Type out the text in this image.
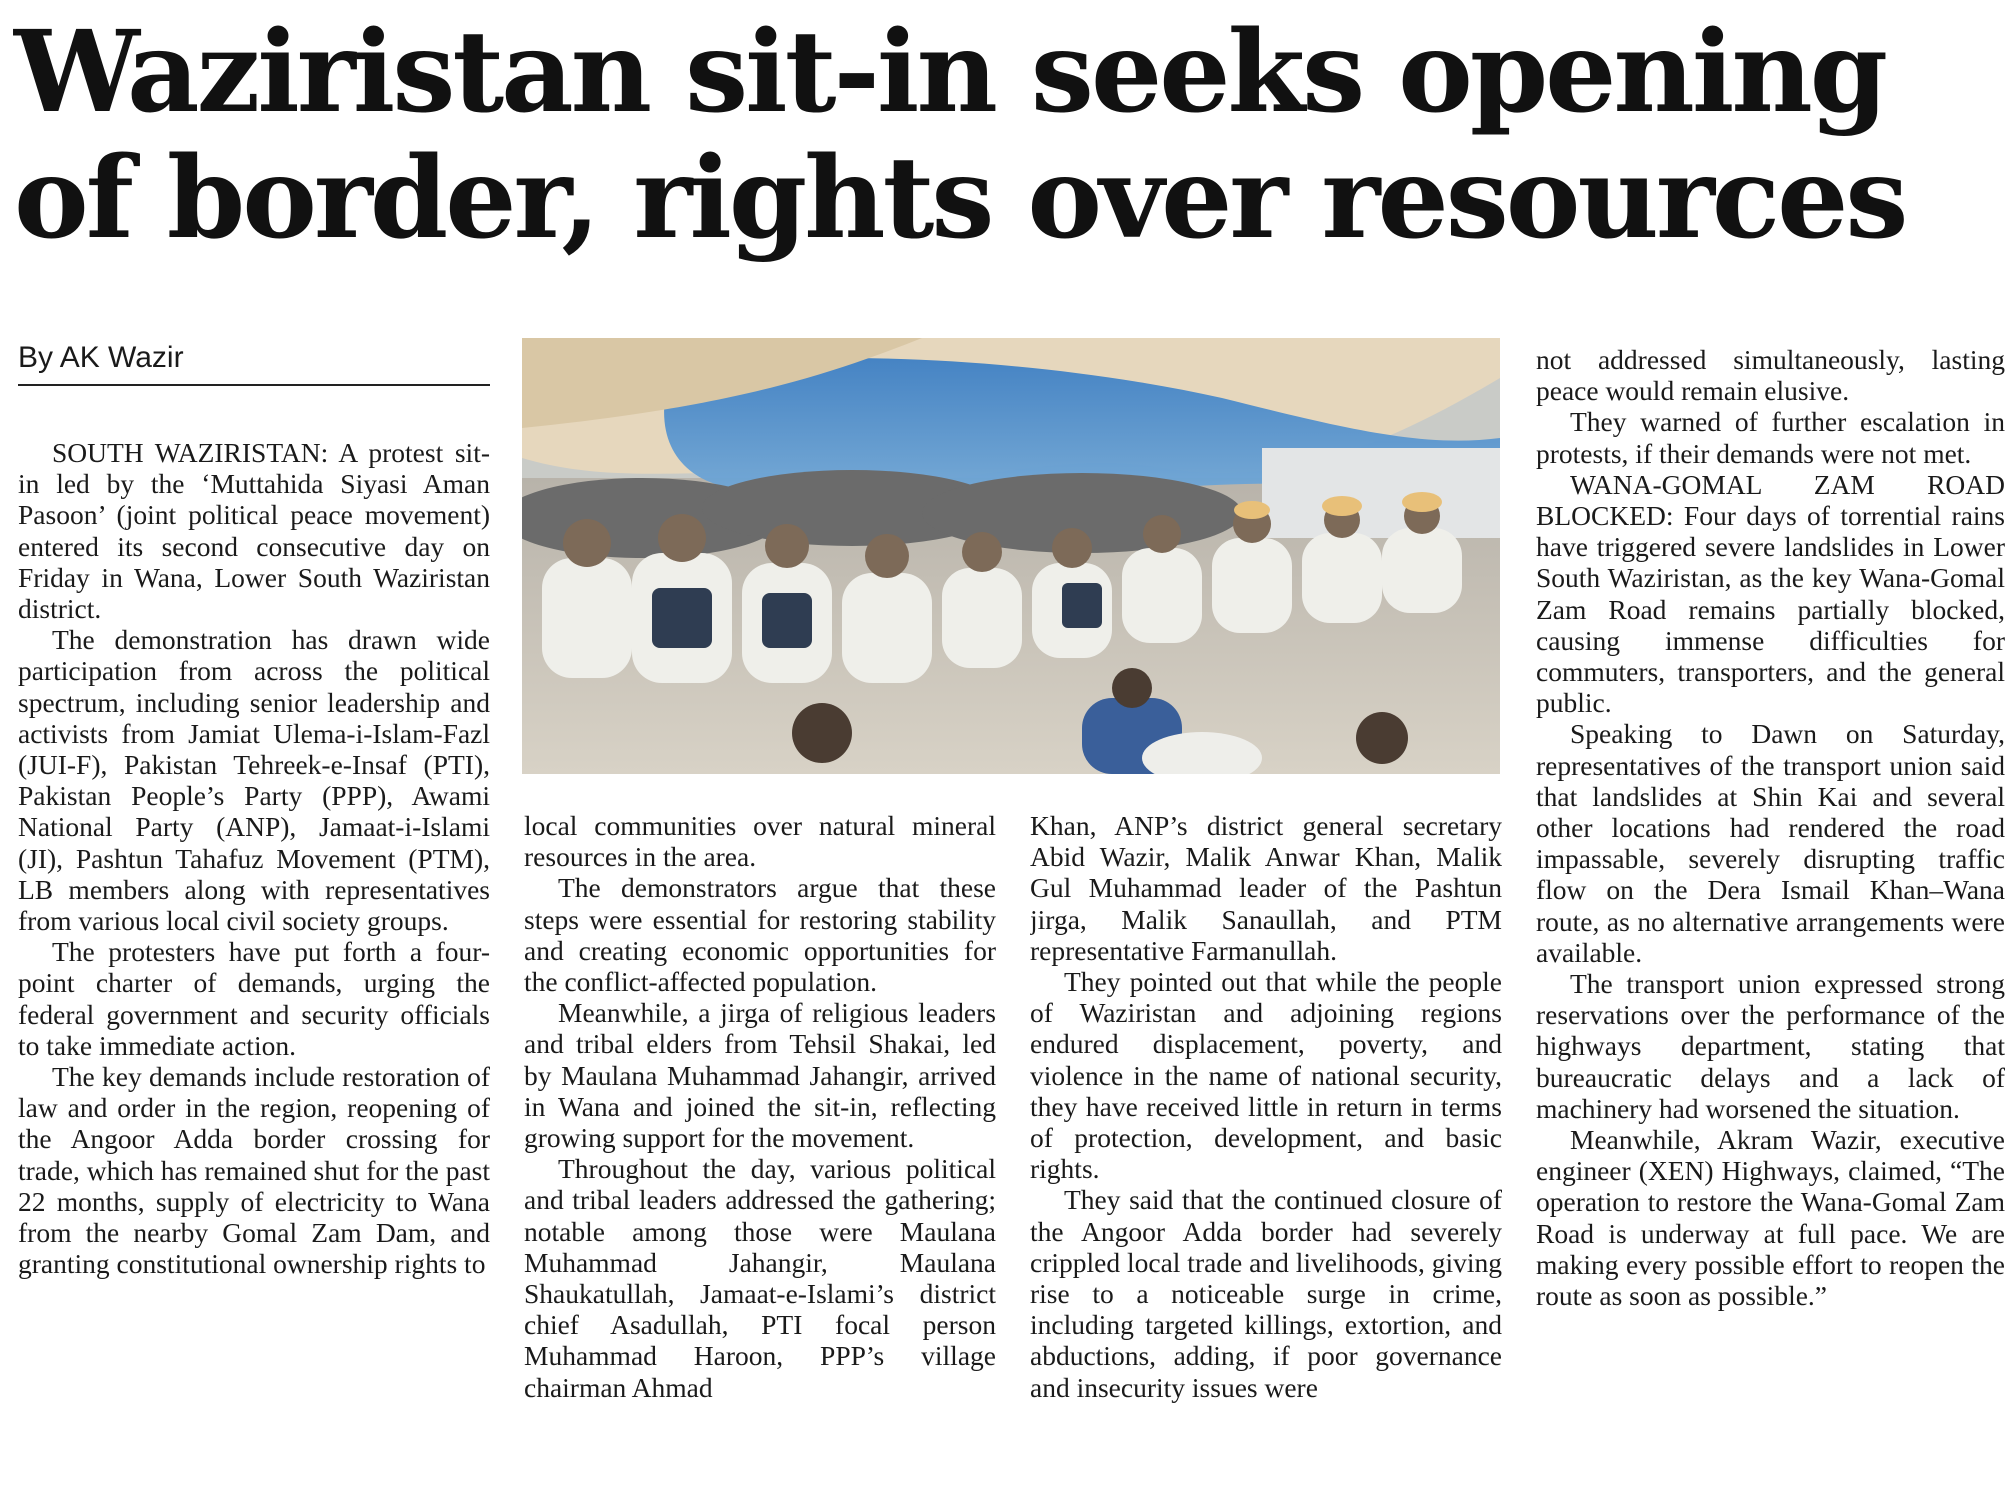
Waziristan sit-in seeks opening of border, rights over resources
By AK Wazir

SOUTH WAZIRISTAN: A protest sit-in led by the ‘Muttahida Siyasi Aman Pasoon’ (joint political peace movement) entered its second consecutive day on Friday in Wana, Lower South Waziristan district.

The demonstration has drawn wide participation from across the political spectrum, including senior leadership and activists from Jamiat Ulema-i-Islam-Fazl (JUI-F), Pakistan Tehreek-e-Insaf (PTI), Pakistan People’s Party (PPP), Awami National Party (ANP), Jamaat-i-Islami (JI), Pashtun Tahafuz Movement (PTM), LB members along with representatives from various local civil society groups.

The protesters have put forth a four-point charter of demands, urging the federal government and security officials to take immediate action.

The key demands include restoration of law and order in the region, reopening of the Angoor Adda border crossing for trade, which has remained shut for the past 22 months, supply of electricity to Wana from the nearby Gomal Zam Dam, and granting constitutional ownership rights to

local communities over natural mineral resources in the area.

The demonstrators argue that these steps were essential for restoring stability and creating economic opportunities for the conflict-affected population.

Meanwhile, a jirga of religious leaders and tribal elders from Tehsil Shakai, led by Maulana Muhammad Jahangir, arrived in Wana and joined the sit-in, reflecting growing support for the movement.

Throughout the day, various political and tribal leaders addressed the gathering; notable among those were Maulana Muhammad Jahangir, Maulana Shaukatullah, Jamaat-e-Islami’s district chief Asadullah, PTI focal person Muhammad Haroon, PPP’s village chairman Ahmad

Khan, ANP’s district general secretary Abid Wazir, Malik Anwar Khan, Malik Gul Muhammad leader of the Pashtun jirga, Malik Sanaullah, and PTM representative Farmanullah.

They pointed out that while the people of Waziristan and adjoining regions endured displacement, poverty, and violence in the name of national security, they have received little in return in terms of protection, development, and basic rights.

They said that the continued closure of the Angoor Adda border had severely crippled local trade and livelihoods, giving rise to a noticeable surge in crime, including targeted killings, extortion, and abductions, adding, if poor governance and insecurity issues were

not addressed simultaneously, lasting peace would remain elusive.

They warned of further escalation in protests, if their demands were not met.

WANA-GOMAL ZAM ROAD BLOCKED: Four days of torrential rains have triggered severe landslides in Lower South Waziristan, as the key Wana-Gomal Zam Road remains partially blocked, causing immense difficulties for commuters, transporters, and the general public.

Speaking to Dawn on Saturday, representatives of the transport union said that landslides at Shin Kai and several other locations had rendered the road impassable, severely disrupting traffic flow on the Dera Ismail Khan–Wana route, as no alternative arrangements were available.

The transport union expressed strong reservations over the performance of the highways department, stating that bureaucratic delays and a lack of machinery had worsened the situation.

Meanwhile, Akram Wazir, executive engineer (XEN) Highways, claimed, “The operation to restore the Wana-Gomal Zam Road is underway at full pace. We are making every possible effort to reopen the route as soon as possible.”
